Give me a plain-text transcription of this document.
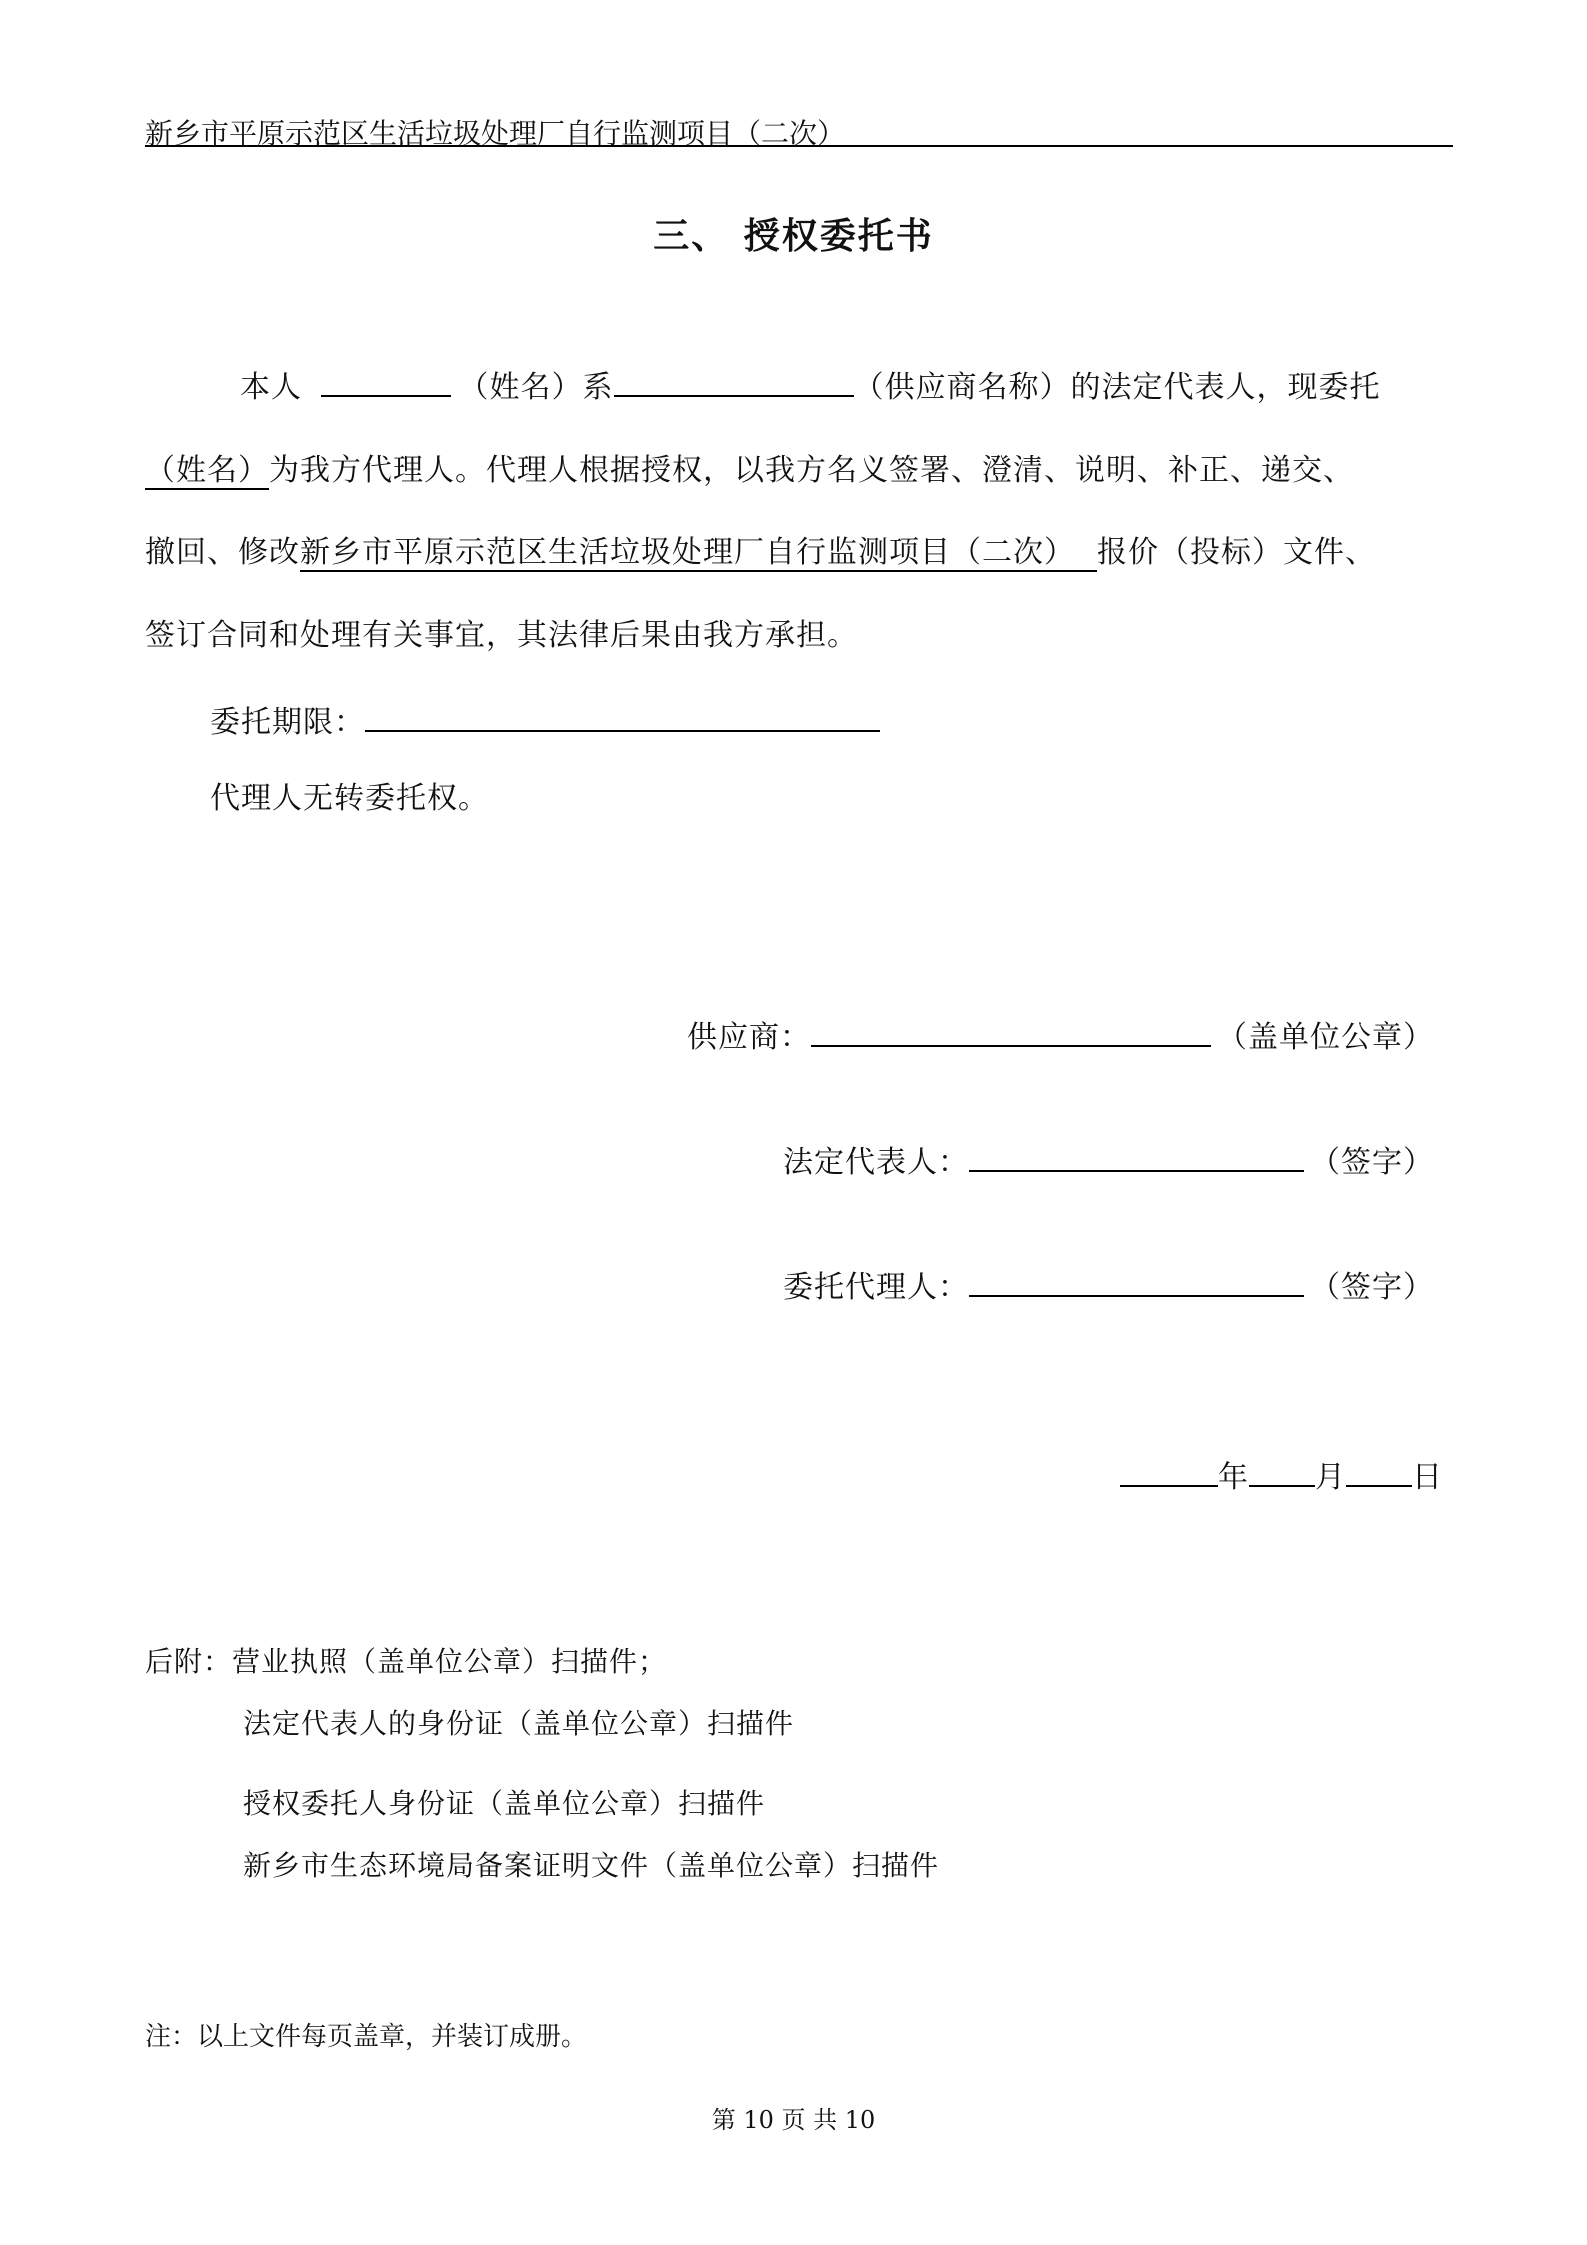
新乡市平原示范区生活垃圾处理厂自行监测项目（二次）
三、 授权委托书
本人	（姓名）系	（供应商名称）的法定代表人，现委托
（姓名）为我方代理人。代理人根据授权，以我方名义签署、澄清、说明、补正、递交、
撤回、修改新乡市平原示范区生活垃圾处理厂自行监测项目（二次） 报价（投标）文件、
签订合同和处理有关事宜，其法律后果由我方承担。
委托期限：
代理人无转委托权。
供应商：	（盖单位公章）
法定代表人：	（签字）
委托代理人：	（签字）
年 月 日
后附：营业执照（盖单位公章）扫描件；
法定代表人的身份证（盖单位公章）扫描件
授权委托人身份证（盖单位公章）扫描件
新乡市生态环境局备案证明文件（盖单位公章）扫描件
注：以上文件每页盖章，并装订成册。
第 10 页 共 10
